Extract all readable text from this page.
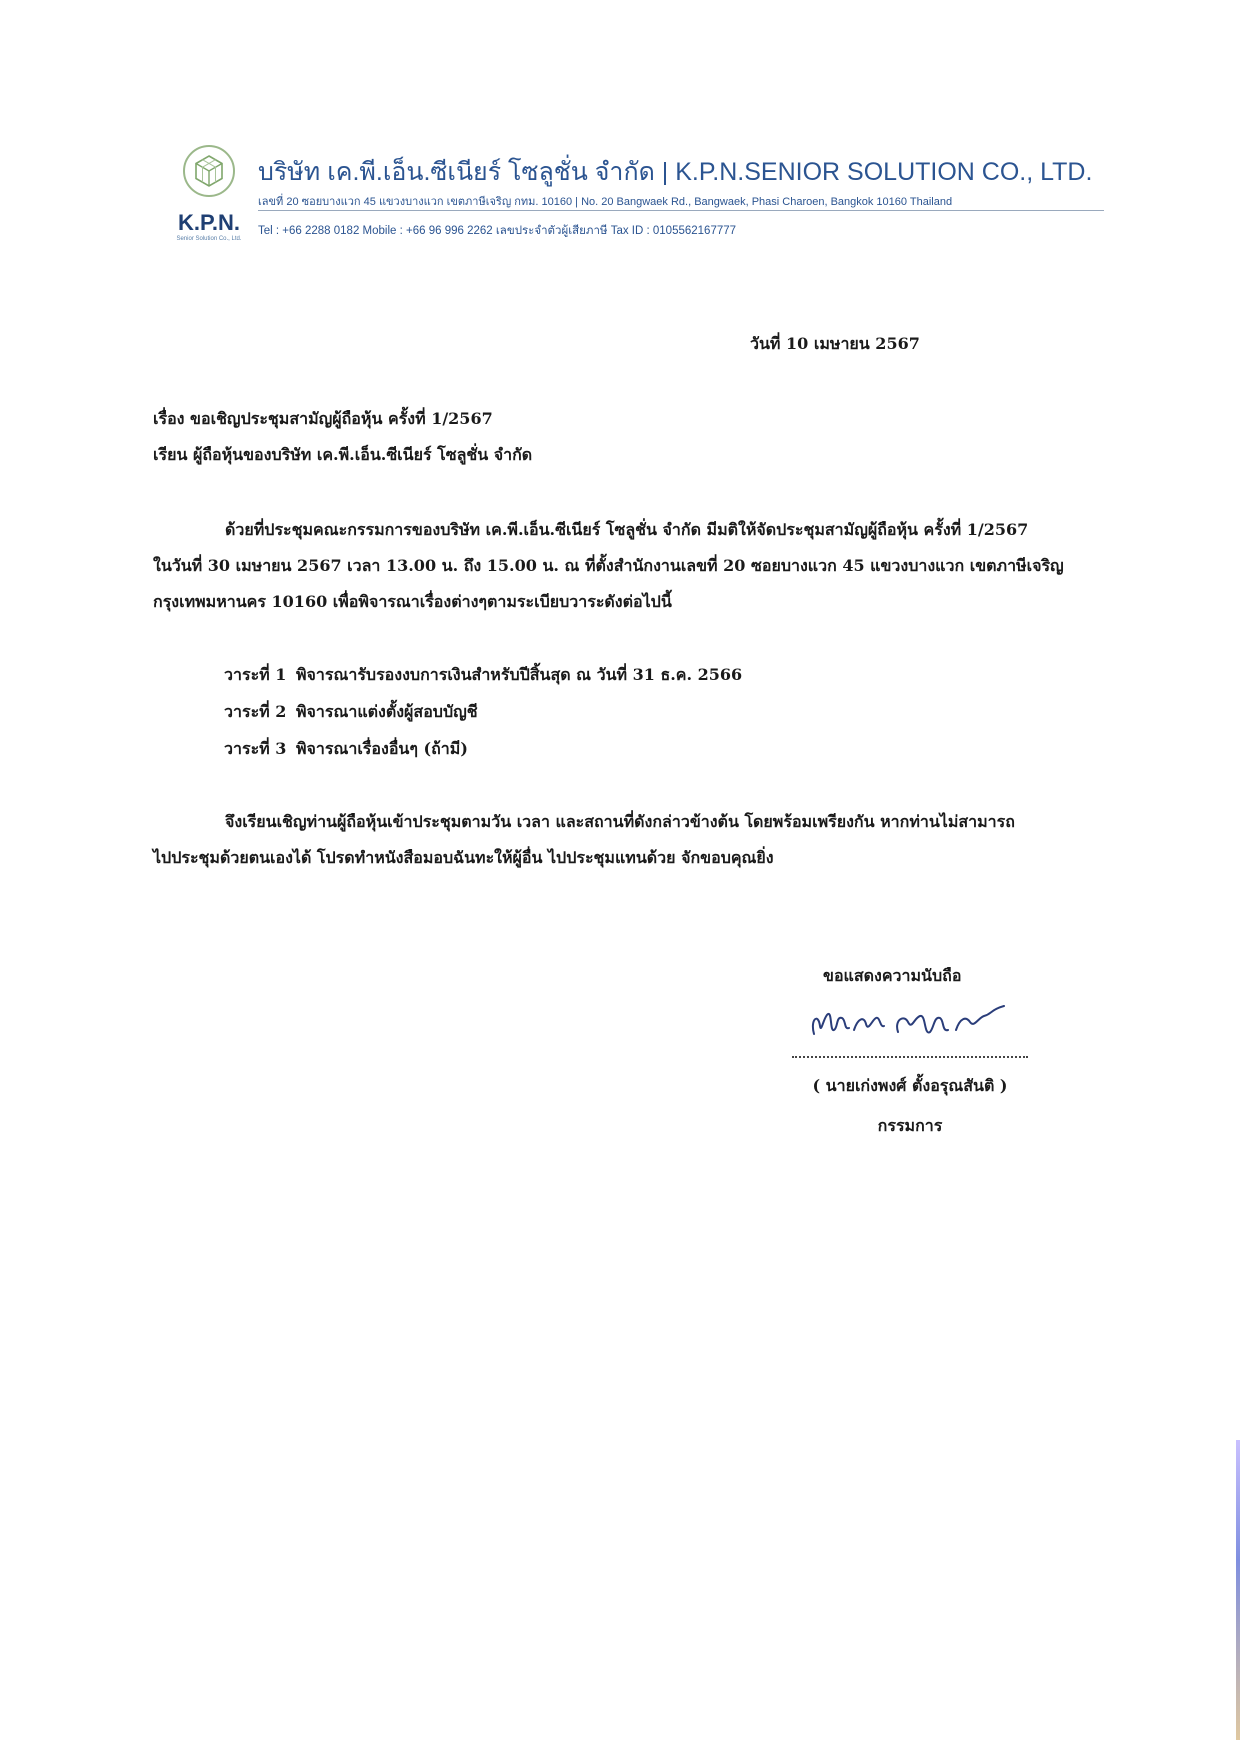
K.P.N.
Senior Solution Co., Ltd.
บริษัท เค.พี.เอ็น.ซีเนียร์ โซลูชั่น จำกัด | K.P.N.SENIOR SOLUTION CO., LTD.
เลขที่ 20 ซอยบางแวก 45 แขวงบางแวก เขตภาษีเจริญ กทม. 10160 | No. 20 Bangwaek Rd., Bangwaek, Phasi Charoen, Bangkok 10160 Thailand
Tel : +66 2288 0182 Mobile : +66 96 996 2262 เลขประจำตัวผู้เสียภาษี Tax ID : 0105562167777
วันที่ 10 เมษายน 2567
เรื่อง ขอเชิญประชุมสามัญผู้ถือหุ้น ครั้งที่ 1/2567
เรียน ผู้ถือหุ้นของบริษัท เค.พี.เอ็น.ซีเนียร์ โซลูชั่น จำกัด
ด้วยที่ประชุมคณะกรรมการของบริษัท เค.พี.เอ็น.ซีเนียร์ โซลูชั่น จำกัด มีมติให้จัดประชุมสามัญผู้ถือหุ้น ครั้งที่ 1/2567
ในวันที่ 30 เมษายน 2567 เวลา 13.00 น. ถึง 15.00 น. ณ ที่ตั้งสำนักงานเลขที่ 20 ซอยบางแวก 45 แขวงบางแวก เขตภาษีเจริญ
กรุงเทพมหานคร 10160 เพื่อพิจารณาเรื่องต่างๆตามระเบียบวาระดังต่อไปนี้
วาระที่ 1 พิจารณารับรองงบการเงินสำหรับปีสิ้นสุด ณ วันที่ 31 ธ.ค. 2566
วาระที่ 2 พิจารณาแต่งตั้งผู้สอบบัญชี
วาระที่ 3 พิจารณาเรื่องอื่นๆ (ถ้ามี)
จึงเรียนเชิญท่านผู้ถือหุ้นเข้าประชุมตามวัน เวลา และสถานที่ดังกล่าวข้างต้น โดยพร้อมเพรียงกัน หากท่านไม่สามารถ
ไปประชุมด้วยตนเองได้ โปรดทำหนังสือมอบฉันทะให้ผู้อื่น ไปประชุมแทนด้วย จักขอบคุณยิ่ง
ขอแสดงความนับถือ
( นายเก่งพงศ์ ตั้งอรุณสันติ )
กรรมการ
